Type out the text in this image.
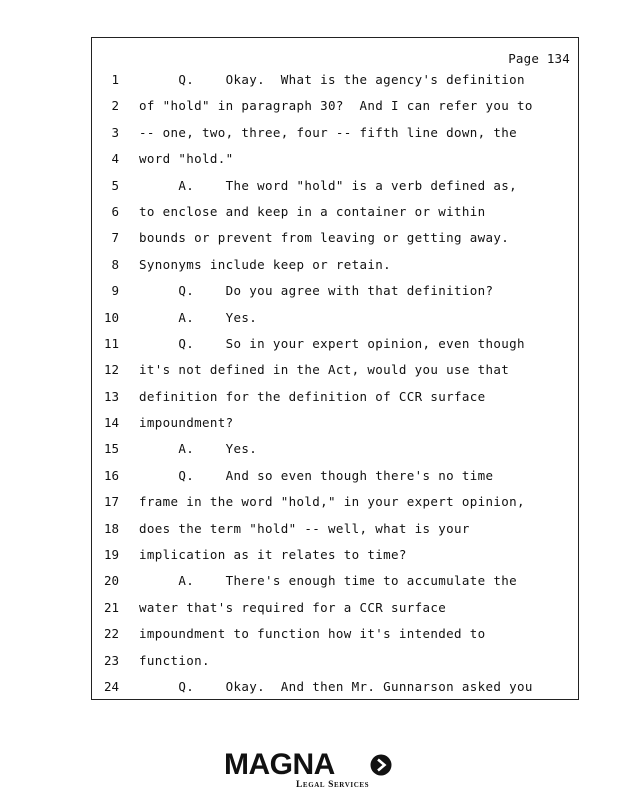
Page 134
1 Q.    Okay.  What is the agency's definition
2 of "hold" in paragraph 30?  And I can refer you to
3 -- one, two, three, four -- fifth line down, the
4 word "hold."
5 A.    The word "hold" is a verb defined as,
6 to enclose and keep in a container or within
7 bounds or prevent from leaving or getting away.
8 Synonyms include keep or retain.
9 Q.    Do you agree with that definition?
10 A.    Yes.
11 Q.    So in your expert opinion, even though
12 it's not defined in the Act, would you use that
13 definition for the definition of CCR surface
14 impoundment?
15 A.    Yes.
16 Q.    And so even though there's no time
17 frame in the word "hold," in your expert opinion,
18 does the term "hold" -- well, what is your
19 implication as it relates to time?
20 A.    There's enough time to accumulate the
21 water that's required for a CCR surface
22 impoundment to function how it's intended to
23 function.
24 Q.    Okay.  And then Mr. Gunnarson asked you
MAGNA
Legal Services
